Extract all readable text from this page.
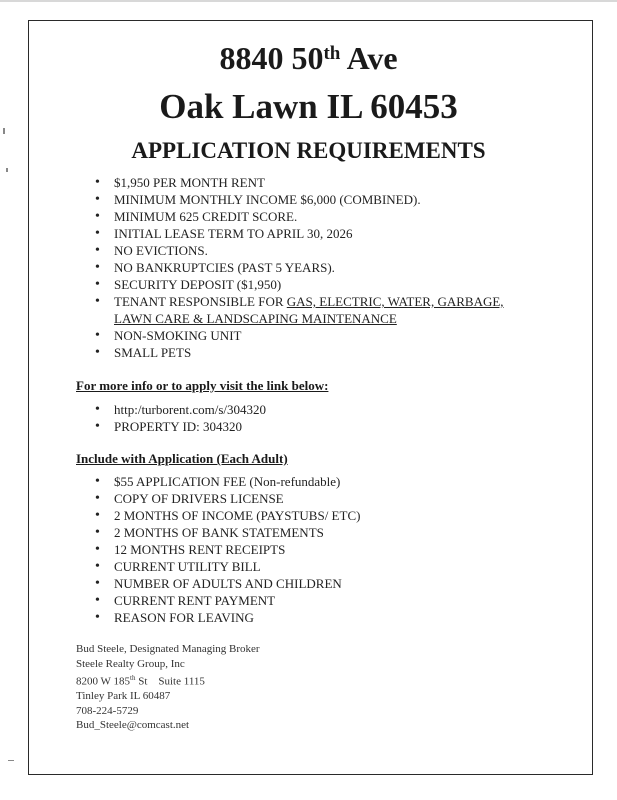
8840 50th Ave
Oak Lawn IL 60453
APPLICATION REQUIREMENTS
• $1,950 PER MONTH RENT
• MINIMUM MONTHLY INCOME $6,000 (COMBINED).
• MINIMUM 625 CREDIT SCORE.
• INITIAL LEASE TERM TO APRIL 30, 2026
• NO EVICTIONS.
• NO BANKRUPTCIES (PAST 5 YEARS).
• SECURITY DEPOSIT ($1,950)
• TENANT RESPONSIBLE FOR GAS, ELECTRIC, WATER, GARBAGE,
LAWN CARE & LANDSCAPING MAINTENANCE
• NON-SMOKING UNIT
• SMALL PETS
For more info or to apply visit the link below:
• http:/turborent.com/s/304320
• PROPERTY ID: 304320
Include with Application (Each Adult)
• $55 APPLICATION FEE (Non-refundable)
• COPY OF DRIVERS LICENSE
• 2 MONTHS OF INCOME (PAYSTUBS/ ETC)
• 2 MONTHS OF BANK STATEMENTS
• 12 MONTHS RENT RECEIPTS
• CURRENT UTILITY BILL
• NUMBER OF ADULTS AND CHILDREN
• CURRENT RENT PAYMENT
• REASON FOR LEAVING
Bud Steele, Designated Managing Broker
Steele Realty Group, Inc
8200 W 185th St    Suite 1115
Tinley Park IL 60487
708-224-5729
Bud_Steele@comcast.net
